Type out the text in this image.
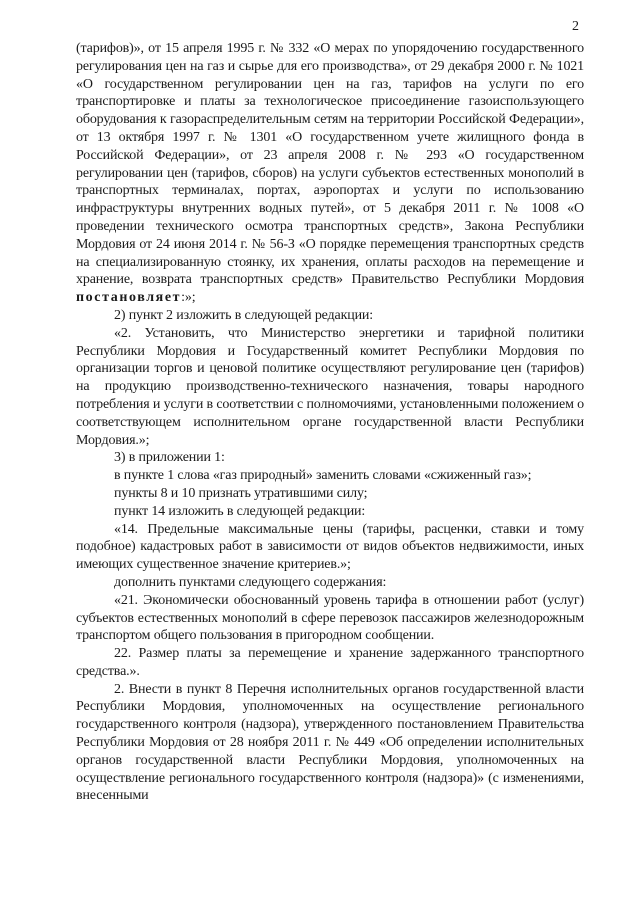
2

(тарифов)», от 15 апреля 1995 г. № 332 «О мерах по упорядочению государственного регулирования цен на газ и сырье для его производства», от 29 декабря 2000 г. № 1021 «О государственном регулировании цен на газ, тарифов на услуги по его транспортировке и платы за технологическое присоединение газоиспользующего оборудования к газораспределительным сетям на территории Российской Федерации», от 13 октября 1997 г. № 1301 «О государственном учете жилищного фонда в Российской Федерации», от 23 апреля 2008 г. № 293 «О государственном регулировании цен (тарифов, сборов) на услуги субъектов естественных монополий в транспортных терминалах, портах, аэропортах и услуги по использованию инфраструктуры внутренних водных путей», от 5 декабря 2011 г. № 1008 «О проведении технического осмотра транспортных средств», Закона Республики Мордовия от 24 июня 2014 г. № 56-З «О порядке перемещения транспортных средств на специализированную стоянку, их хранения, оплаты расходов на перемещение и хранение, возврата транспортных средств» Правительство Республики Мордовия постановляет:»;

2) пункт 2 изложить в следующей редакции:

«2. Установить, что Министерство энергетики и тарифной политики Республики Мордовия и Государственный комитет Республики Мордовия по организации торгов и ценовой политике осуществляют регулирование цен (тарифов) на продукцию производственно-технического назначения, товары народного потребления и услуги в соответствии с полномочиями, установленными положением о соответствующем исполнительном органе государственной власти Республики Мордовия.»;

3) в приложении 1:

в пункте 1 слова «газ природный» заменить словами «сжиженный газ»;

пункты 8 и 10 признать утратившими силу;

пункт 14 изложить в следующей редакции:

«14. Предельные максимальные цены (тарифы, расценки, ставки и тому подобное) кадастровых работ в зависимости от видов объектов недвижимости, иных имеющих существенное значение критериев.»;

дополнить пунктами следующего содержания:

«21. Экономически обоснованный уровень тарифа в отношении работ (услуг) субъектов естественных монополий в сфере перевозок пассажиров железнодорожным транспортом общего пользования в пригородном сообщении.

22. Размер платы за перемещение и хранение задержанного транспортного средства.».

2. Внести в пункт 8 Перечня исполнительных органов государственной власти Республики Мордовия, уполномоченных на осуществление регионального государственного контроля (надзора), утвержденного постановлением Правительства Республики Мордовия от 28 ноября 2011 г. № 449 «Об определении исполнительных органов государственной власти Республики Мордовия, уполномоченных на осуществление регионального государственного контроля (надзора)» (с изменениями, внесенными
